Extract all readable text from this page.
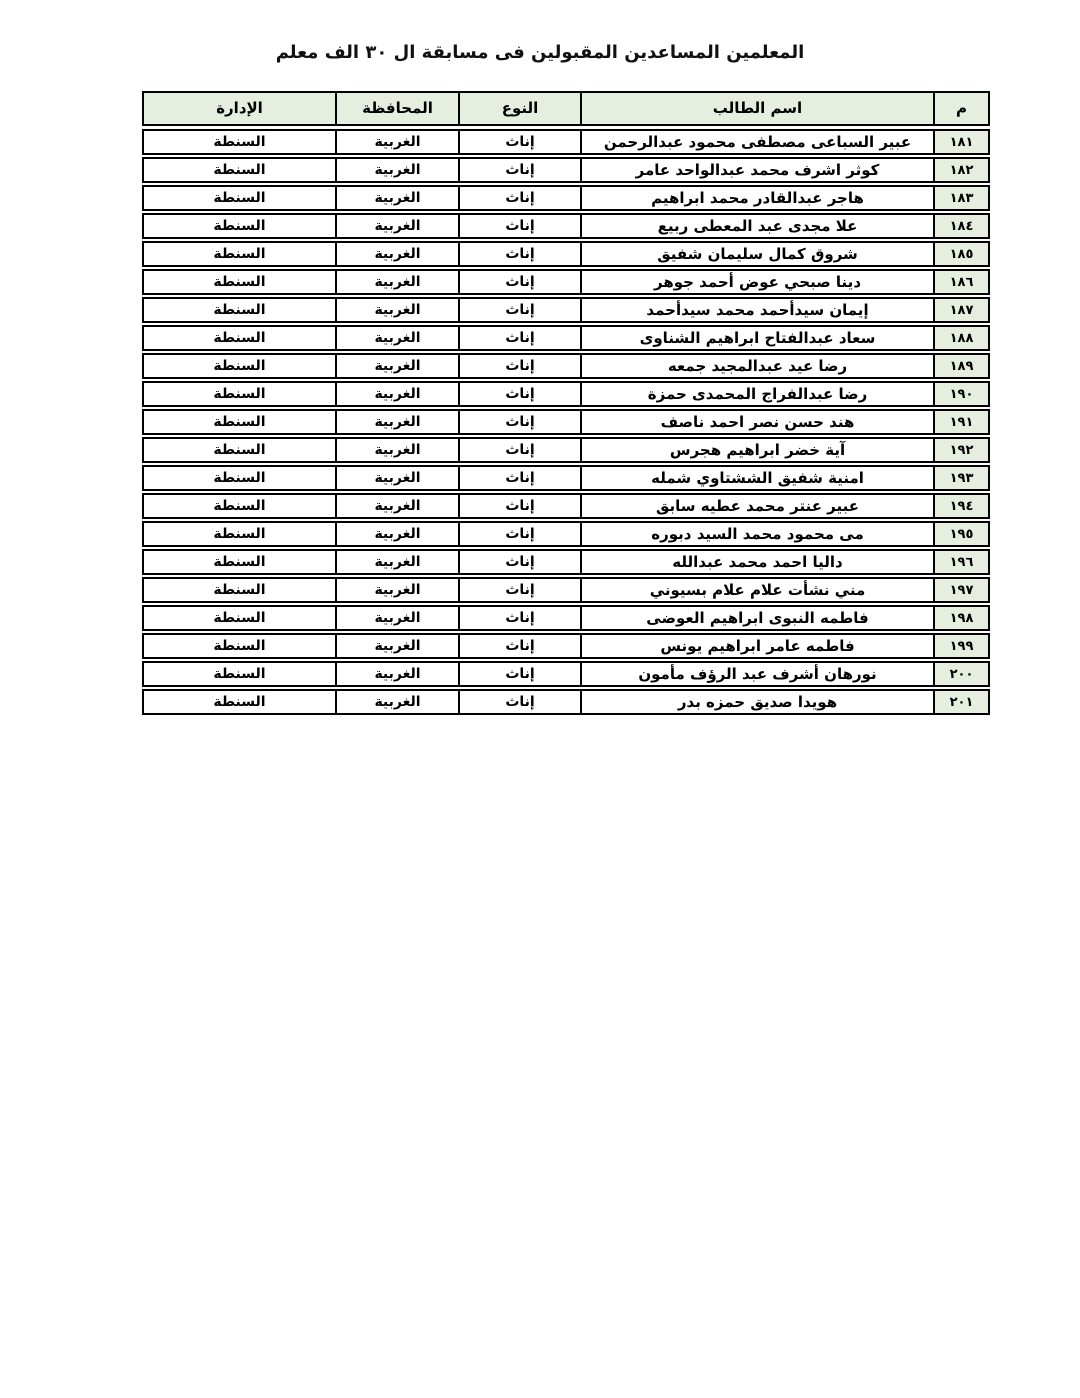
المعلمين المساعدين المقبولين فى مسابقة ال ٣٠ الف معلم
م
اسم الطالب
النوع
المحافظة
الإدارة
١٨١
عبير السباعى مصطفى محمود عبدالرحمن
إناث
الغربية
السنطة
١٨٢
كوثر اشرف محمد عبدالواحد عامر
إناث
الغربية
السنطة
١٨٣
هاجر عبدالقادر محمد ابراهيم
إناث
الغربية
السنطة
١٨٤
علا مجدى عبد المعطى ربيع
إناث
الغربية
السنطة
١٨٥
شروق كمال سليمان شفيق
إناث
الغربية
السنطة
١٨٦
دينا صبحي عوض أحمد جوهر
إناث
الغربية
السنطة
١٨٧
إيمان سيدأحمد محمد سيدأحمد
إناث
الغربية
السنطة
١٨٨
سعاد عبدالفتاح ابراهيم الشناوى
إناث
الغربية
السنطة
١٨٩
رضا عيد عبدالمجيد جمعه
إناث
الغربية
السنطة
١٩٠
رضا عبدالفراج المحمدى حمزة
إناث
الغربية
السنطة
١٩١
هند حسن نصر احمد ناصف
إناث
الغربية
السنطة
١٩٢
آية خضر ابراهيم هجرس
إناث
الغربية
السنطة
١٩٣
امنية شفيق الششتاوي شمله
إناث
الغربية
السنطة
١٩٤
عبير عنتر محمد عطيه سابق
إناث
الغربية
السنطة
١٩٥
مى محمود محمد السيد دبوره
إناث
الغربية
السنطة
١٩٦
داليا احمد محمد عبدالله
إناث
الغربية
السنطة
١٩٧
مني نشأت علام علام بسيوني
إناث
الغربية
السنطة
١٩٨
فاطمه النبوى ابراهيم العوضى
إناث
الغربية
السنطة
١٩٩
فاطمه عامر ابراهيم يونس
إناث
الغربية
السنطة
٢٠٠
نورهان أشرف عبد الرؤف مأمون
إناث
الغربية
السنطة
٢٠١
هويدا صديق حمزه بدر
إناث
الغربية
السنطة
